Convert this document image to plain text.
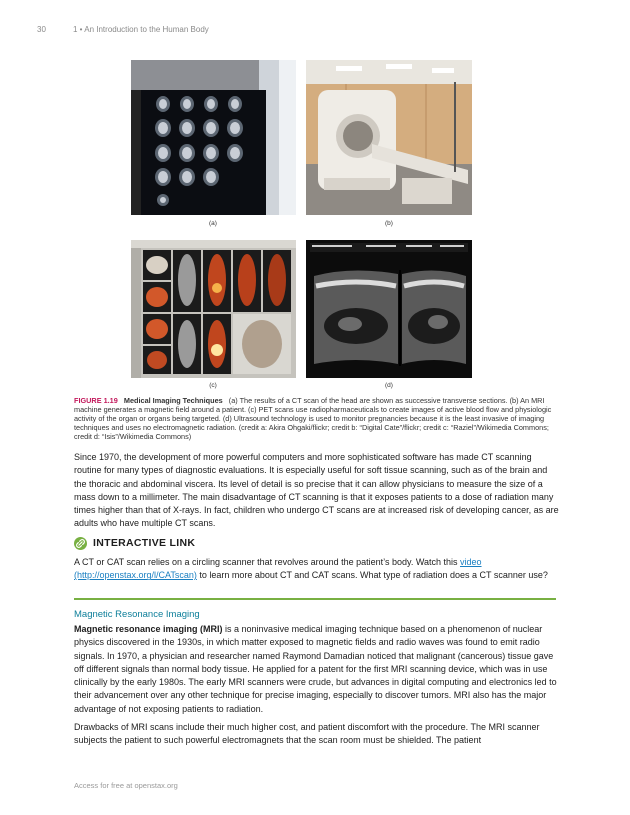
30	1 • An Introduction to the Human Body
(a)	(b)
(c)	(d)
FIGURE 1.19 Medical Imaging Techniques (a) The results of a CT scan of the head are shown as successive transverse sections. (b) An MRI machine generates a magnetic field around a patient. (c) PET scans use radiopharmaceuticals to create images of active blood flow and physiologic activity of the organ or organs being targeted. (d) Ultrasound technology is used to monitor pregnancies because it is the least invasive of imaging techniques and uses no electromagnetic radiation. (credit a: Akira Ohgaki/flickr; credit b: “Digital Cate”/flickr; credit c: “Raziel”/Wikimedia Commons; credit d: “Isis”/Wikimedia Commons)

Since 1970, the development of more powerful computers and more sophisticated software has made CT scanning routine for many types of diagnostic evaluations. It is especially useful for soft tissue scanning, such as of the brain and the thoracic and abdominal viscera. Its level of detail is so precise that it can allow physicians to measure the size of a mass down to a millimeter. The main disadvantage of CT scanning is that it exposes patients to a dose of radiation many times higher than that of X-rays. In fact, children who undergo CT scans are at increased risk of developing cancer, as are adults who have multiple CT scans.

INTERACTIVE LINK

A CT or CAT scan relies on a circling scanner that revolves around the patient’s body. Watch this video (http://openstax.org/l/CATscan) to learn more about CT and CAT scans. What type of radiation does a CT scanner use?

Magnetic Resonance Imaging

Magnetic resonance imaging (MRI) is a noninvasive medical imaging technique based on a phenomenon of nuclear physics discovered in the 1930s, in which matter exposed to magnetic fields and radio waves was found to emit radio signals. In 1970, a physician and researcher named Raymond Damadian noticed that malignant (cancerous) tissue gave off different signals than normal body tissue. He applied for a patent for the first MRI scanning device, which was in use clinically by the early 1980s. The early MRI scanners were crude, but advances in digital computing and electronics led to their advancement over any other technique for precise imaging, especially to discover tumors. MRI also has the major advantage of not exposing patients to radiation.

Drawbacks of MRI scans include their much higher cost, and patient discomfort with the procedure. The MRI scanner subjects the patient to such powerful electromagnets that the scan room must be shielded. The patient

Access for free at openstax.org
